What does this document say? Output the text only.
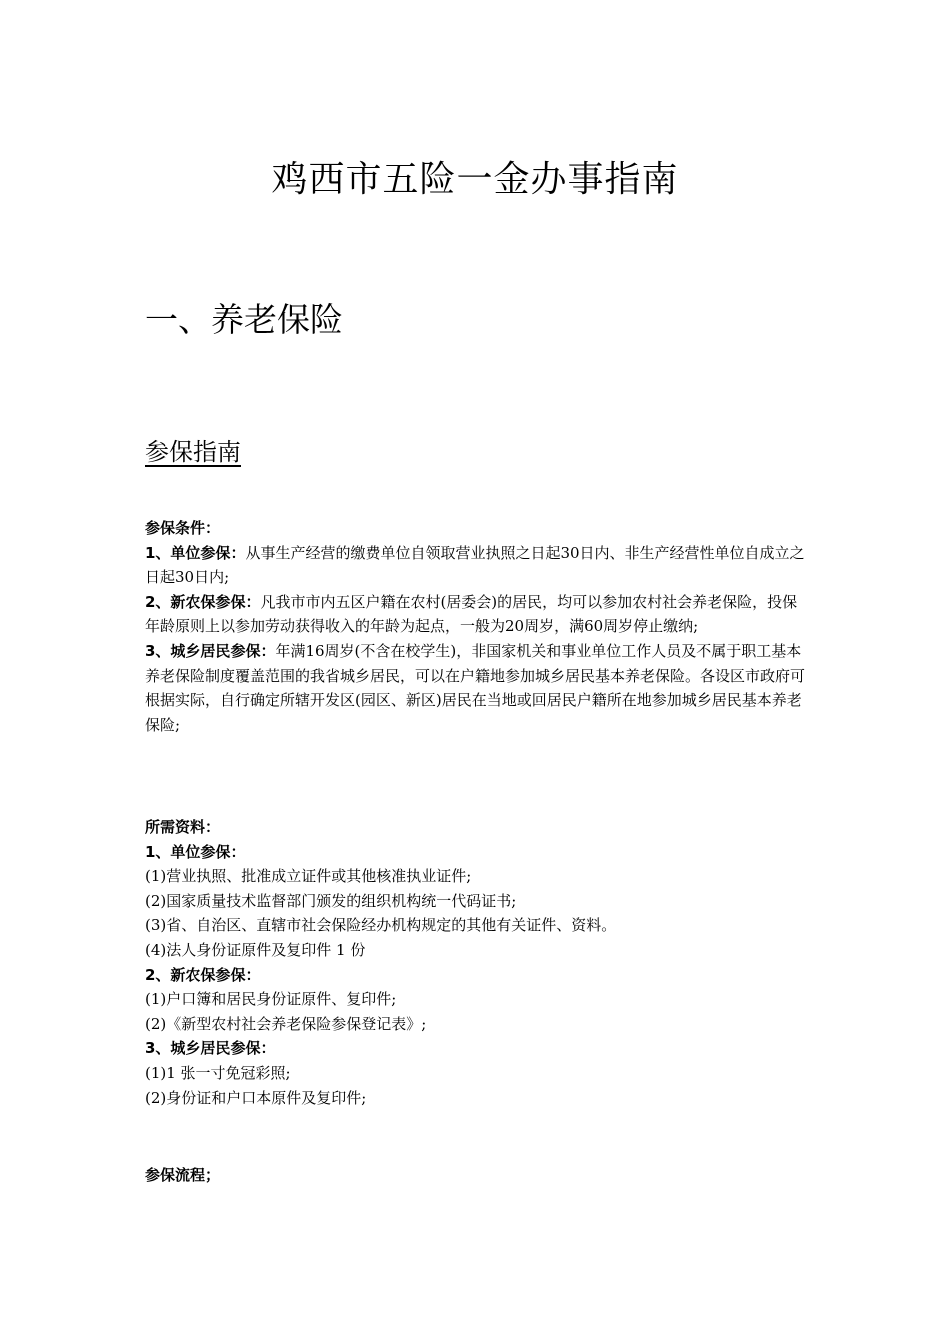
鸡西市五险一金办事指南
一、养老保险
参保指南

参保条件：

1、单位参保：从事生产经营的缴费单位自领取营业执照之日起30日内、非生产经营性单位自成立之日起30日内;

2、新农保参保：凡我市市内五区户籍在农村(居委会)的居民，均可以参加农村社会养老保险，投保年龄原则上以参加劳动获得收入的年龄为起点，一般为20周岁，满60周岁停止缴纳;

3、城乡居民参保：年满16周岁(不含在校学生)，非国家机关和事业单位工作人员及不属于职工基本养老保险制度覆盖范围的我省城乡居民，可以在户籍地参加城乡居民基本养老保险。各设区市政府可根据实际，自行确定所辖开发区(园区、新区)居民在当地或回居民户籍所在地参加城乡居民基本养老保险;

所需资料：

1、单位参保：

(1)营业执照、批准成立证件或其他核准执业证件;

(2)国家质量技术监督部门颁发的组织机构统一代码证书;

(3)省、自治区、直辖市社会保险经办机构规定的其他有关证件、资料。

(4)法人身份证原件及复印件 1 份

2、新农保参保：

(1)户口簿和居民身份证原件、复印件;

(2)《新型农村社会养老保险参保登记表》;

3、城乡居民参保：

(1)1 张一寸免冠彩照;

(2)身份证和户口本原件及复印件;

参保流程；
